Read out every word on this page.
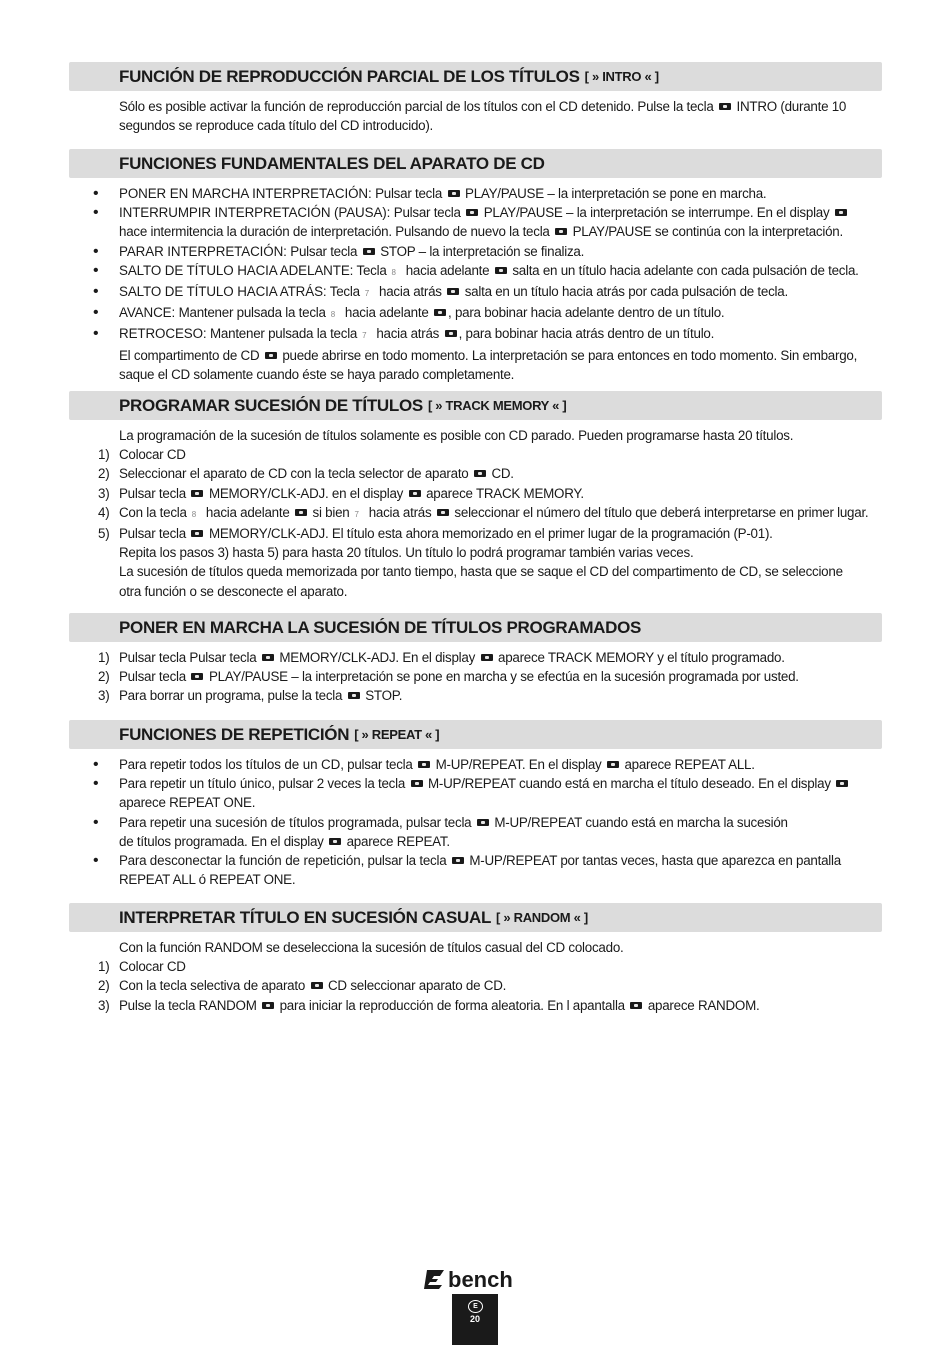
FUNCIÓN DE REPRODUCCIÓN PARCIAL DE LOS TÍTULOS [ » INTRO « ]
Sólo es posible activar la función de reproducción parcial de los títulos con el CD detenido. Pulse la tecla INTRO (durante 10
segundos se reproduce cada título del CD introducido).
FUNCIONES FUNDAMENTALES DEL APARATO DE CD
• PONER EN MARCHA INTERPRETACIÓN: Pulsar tecla PLAY/PAUSE – la interpretación se pone en marcha.
• INTERRUMPIR INTERPRETACIÓN (PAUSA): Pulsar tecla PLAY/PAUSE – la interpretación se interrumpe. En el display
hace intermitencia la duración de interpretación. Pulsando de nuevo la tecla PLAY/PAUSE se continúa con la interpretación.
• PARAR INTERPRETACIÓN: Pulsar tecla STOP – la interpretación se finaliza.
• SALTO DE TÍTULO HACIA ADELANTE: Tecla 8 hacia adelante salta en un título hacia adelante con cada pulsación de tecla.
• SALTO DE TÍTULO HACIA ATRÁS: Tecla 7 hacia atrás salta en un título hacia atrás por cada pulsación de tecla.
• AVANCE: Mantener pulsada la tecla 8 hacia adelante , para bobinar hacia adelante dentro de un título.
• RETROCESO: Mantener pulsada la tecla 7 hacia atrás , para bobinar hacia atrás dentro de un título.
El compartimento de CD puede abrirse en todo momento. La interpretación se para entonces en todo momento. Sin embargo,
saque el CD solamente cuando éste se haya parado completamente.
PROGRAMAR SUCESIÓN DE TÍTULOS [ » TRACK MEMORY « ]
La programación de la sucesión de títulos solamente es posible con CD parado. Pueden programarse hasta 20 títulos.
1) Colocar CD
2) Seleccionar el aparato de CD con la tecla selector de aparato CD.
3) Pulsar tecla MEMORY/CLK-ADJ. en el display aparece TRACK MEMORY.
4) Con la tecla 8 hacia adelante si bien 7 hacia atrás seleccionar el número del título que deberá interpretarse en primer lugar.
5) Pulsar tecla MEMORY/CLK-ADJ. El título esta ahora memorizado en el primer lugar de la programación (P-01).
Repita los pasos 3) hasta 5) para hasta 20 títulos. Un título lo podrá programar también varias veces.
La sucesión de títulos queda memorizada por tanto tiempo, hasta que se saque el CD del compartimento de CD, se seleccione
otra función o se desconecte el aparato.
PONER EN MARCHA LA SUCESIÓN DE TÍTULOS PROGRAMADOS
1) Pulsar tecla Pulsar tecla MEMORY/CLK-ADJ. En el display aparece TRACK MEMORY y el título programado.
2) Pulsar tecla PLAY/PAUSE – la interpretación se pone en marcha y se efectúa en la sucesión programada por usted.
3) Para borrar un programa, pulse la tecla STOP.
FUNCIONES DE REPETICIÓN [ » REPEAT « ]
• Para repetir todos los títulos de un CD, pulsar tecla M-UP/REPEAT. En el display aparece REPEAT ALL.
• Para repetir un título único, pulsar 2 veces la tecla M-UP/REPEAT cuando está en marcha el título deseado. En el display
aparece REPEAT ONE.
• Para repetir una sucesión de títulos programada, pulsar tecla M-UP/REPEAT cuando está en marcha la sucesión
de títulos programada. En el display aparece REPEAT.
• Para desconectar la función de repetición, pulsar la tecla M-UP/REPEAT por tantas veces, hasta que aparezca en pantalla
REPEAT ALL ó REPEAT ONE.
INTERPRETAR TÍTULO EN SUCESIÓN CASUAL [ » RANDOM « ]
Con la función RANDOM se deselecciona la sucesión de títulos casual del CD colocado.
1) Colocar CD
2) Con la tecla selectiva de aparato CD seleccionar aparato de CD.
3) Pulse la tecla RANDOM para iniciar la reproducción de forma aleatoria. En l apantalla aparece RANDOM.
bench
E
20
